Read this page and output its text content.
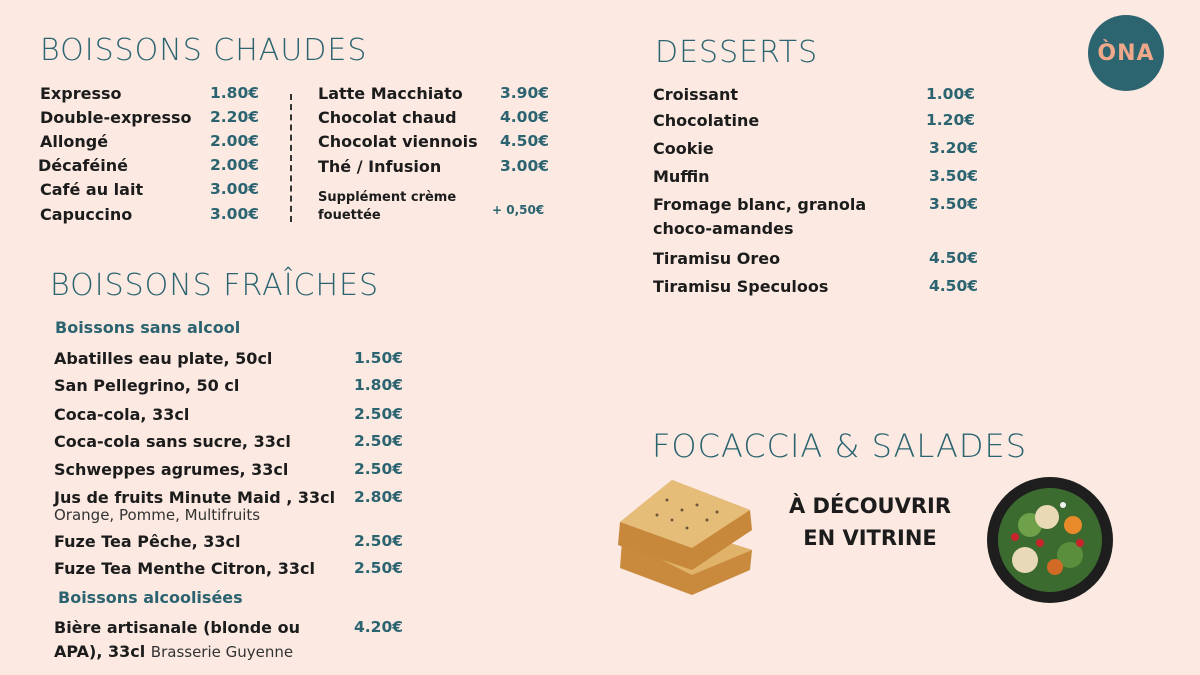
ÒNA
BOISSONS CHAUDES
Expresso	1.80€
Double-expresso 2.20€
Allongé	2.00€
Décaféiné	2.00€
Café au lait	3.00€
Capuccino	3.00€
Latte Macchiato 3.90€
Chocolat chaud	4.00€
Chocolat viennois 4.50€
Thé / Infusion	3.00€
Supplément crème
fouettée	+ 0,50€
BOISSONS FRAÎCHES
Boissons sans alcool
Abatilles eau plate, 50cl	1.50€
San Pellegrino, 50 cl	1.80€
Coca-cola, 33cl	2.50€
Coca-cola sans sucre, 33cl	2.50€
Schweppes agrumes, 33cl	2.50€
Jus de fruits Minute Maid , 33cl 2.80€
Orange, Pomme, Multifruits
Fuze Tea Pêche, 33cl	2.50€
Fuze Tea Menthe Citron, 33cl	2.50€
Boissons alcoolisées
Bière artisanale (blonde ou	4.20€
APA), 33cl Brasserie Guyenne
DESSERTS
Croissant	1.00€
Chocolatine	1.20€
Cookie	3.20€
Muffin	3.50€
Fromage blanc, granola	3.50€
choco-amandes
Tiramisu Oreo	4.50€
Tiramisu Speculoos	4.50€
FOCACCIA & SALADES
À DÉCOUVRIR
EN VITRINE
